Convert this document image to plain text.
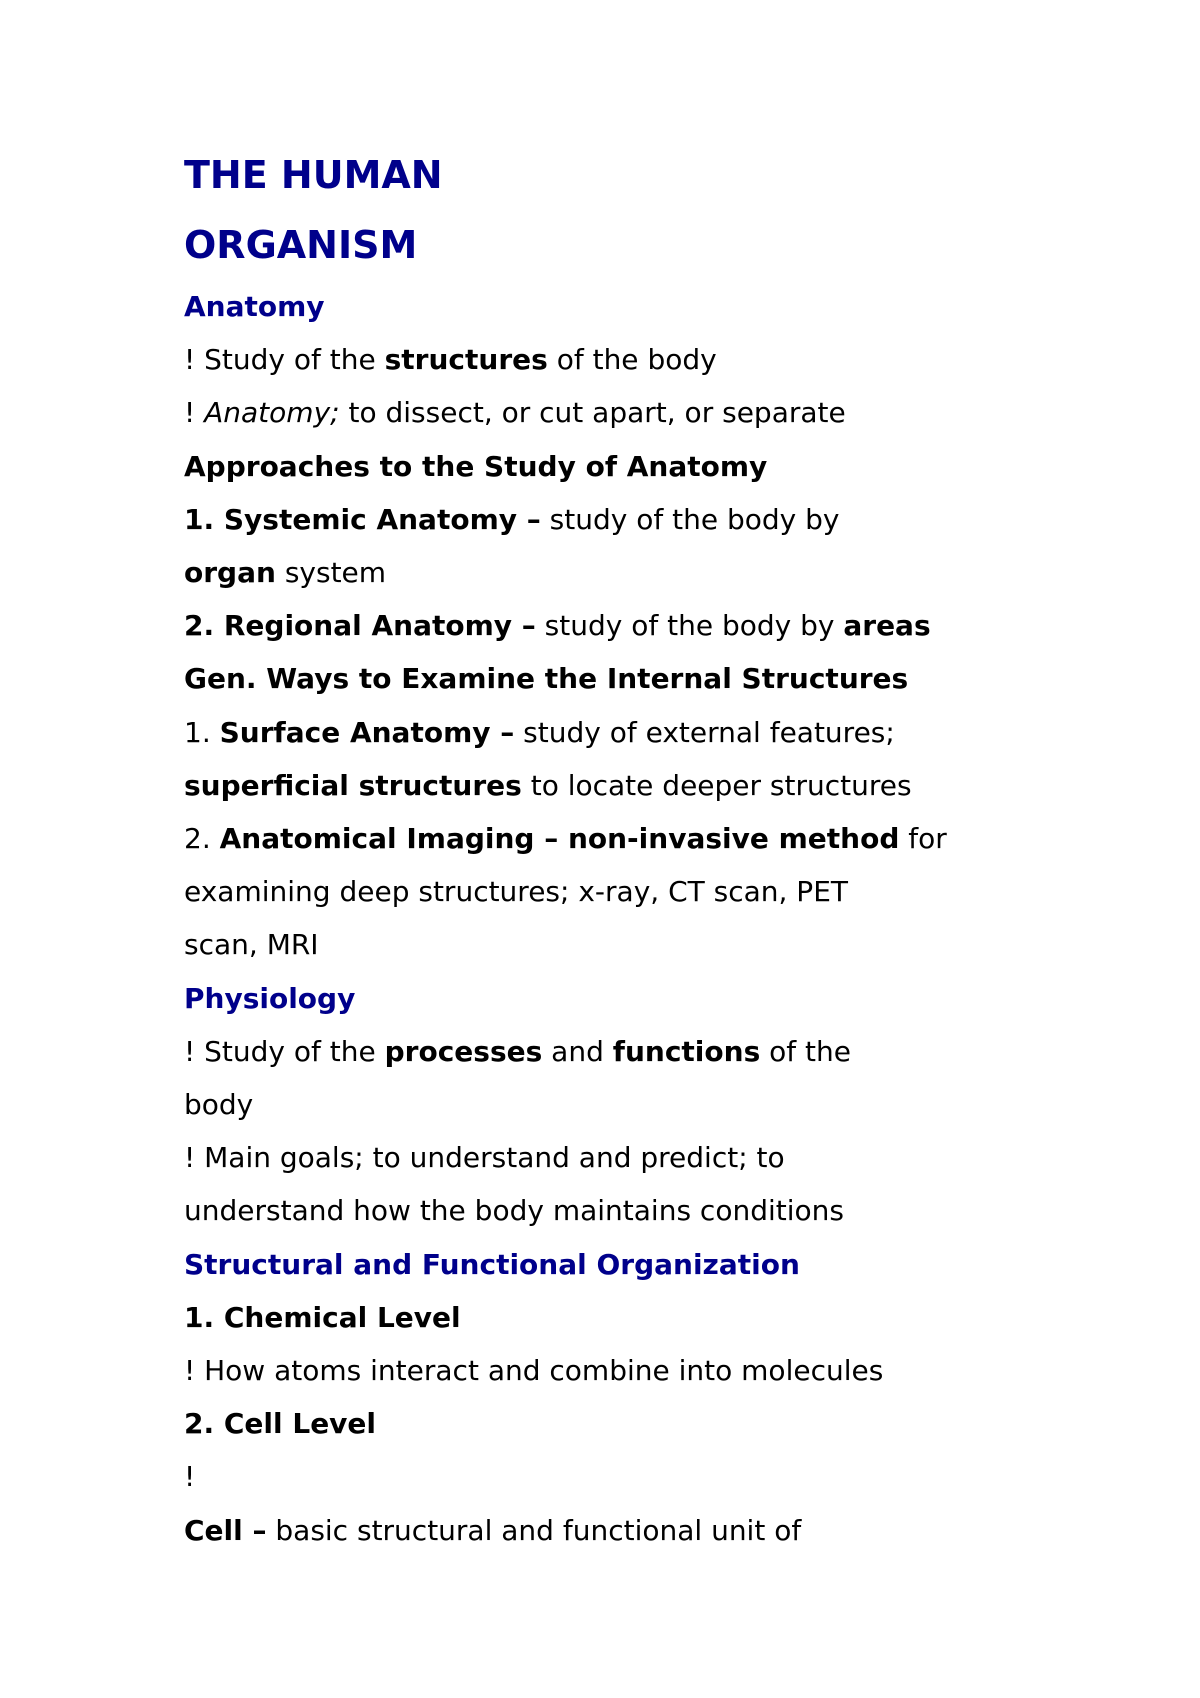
THE HUMAN
ORGANISM
Anatomy
! Study of the structures of the body
! Anatomy; to dissect, or cut apart, or separate
Approaches to the Study of Anatomy
1. Systemic Anatomy – study of the body by
organ system
2. Regional Anatomy – study of the body by areas
Gen. Ways to Examine the Internal Structures
1. Surface Anatomy – study of external features;
superficial structures to locate deeper structures
2. Anatomical Imaging – non-invasive method for
examining deep structures; x-ray, CT scan, PET
scan, MRI
Physiology
! Study of the processes and functions of the
body
! Main goals; to understand and predict; to
understand how the body maintains conditions
Structural and Functional Organization
1. Chemical Level
! How atoms interact and combine into molecules
2. Cell Level
!
Cell – basic structural and functional unit of
